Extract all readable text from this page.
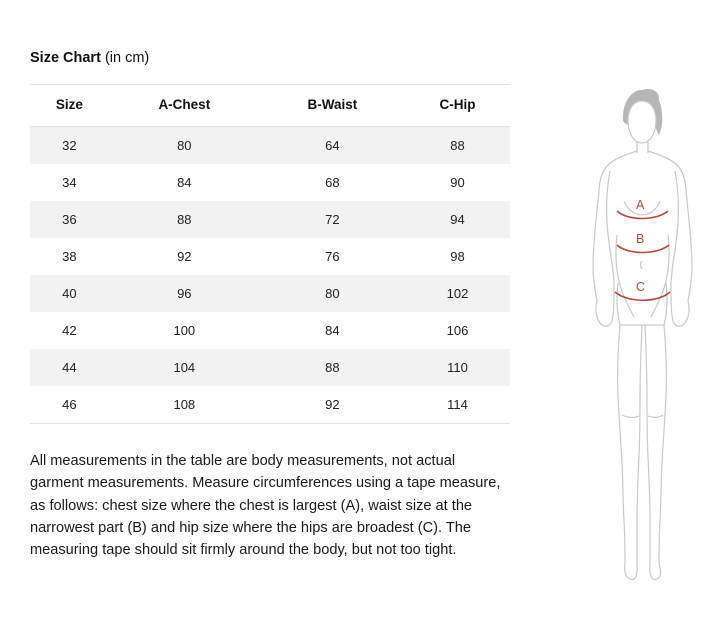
Size Chart (in cm)
Size	A-Chest	B-Waist	C-Hip
32	80	64	88
34	84	68	90
36	88	72	94
38	92	76	98
40	96	80	102
42	100	84	106
44	104	88	110
46	108	92	114

All measurements in the table are body measurements, not actual garment measurements. Measure circumferences using a tape measure, as follows: chest size where the chest is largest (A), waist size at the narrowest part (B) and hip size where the hips are broadest (C). The measuring tape should sit firmly around the body, but not too tight.

A
B
C
